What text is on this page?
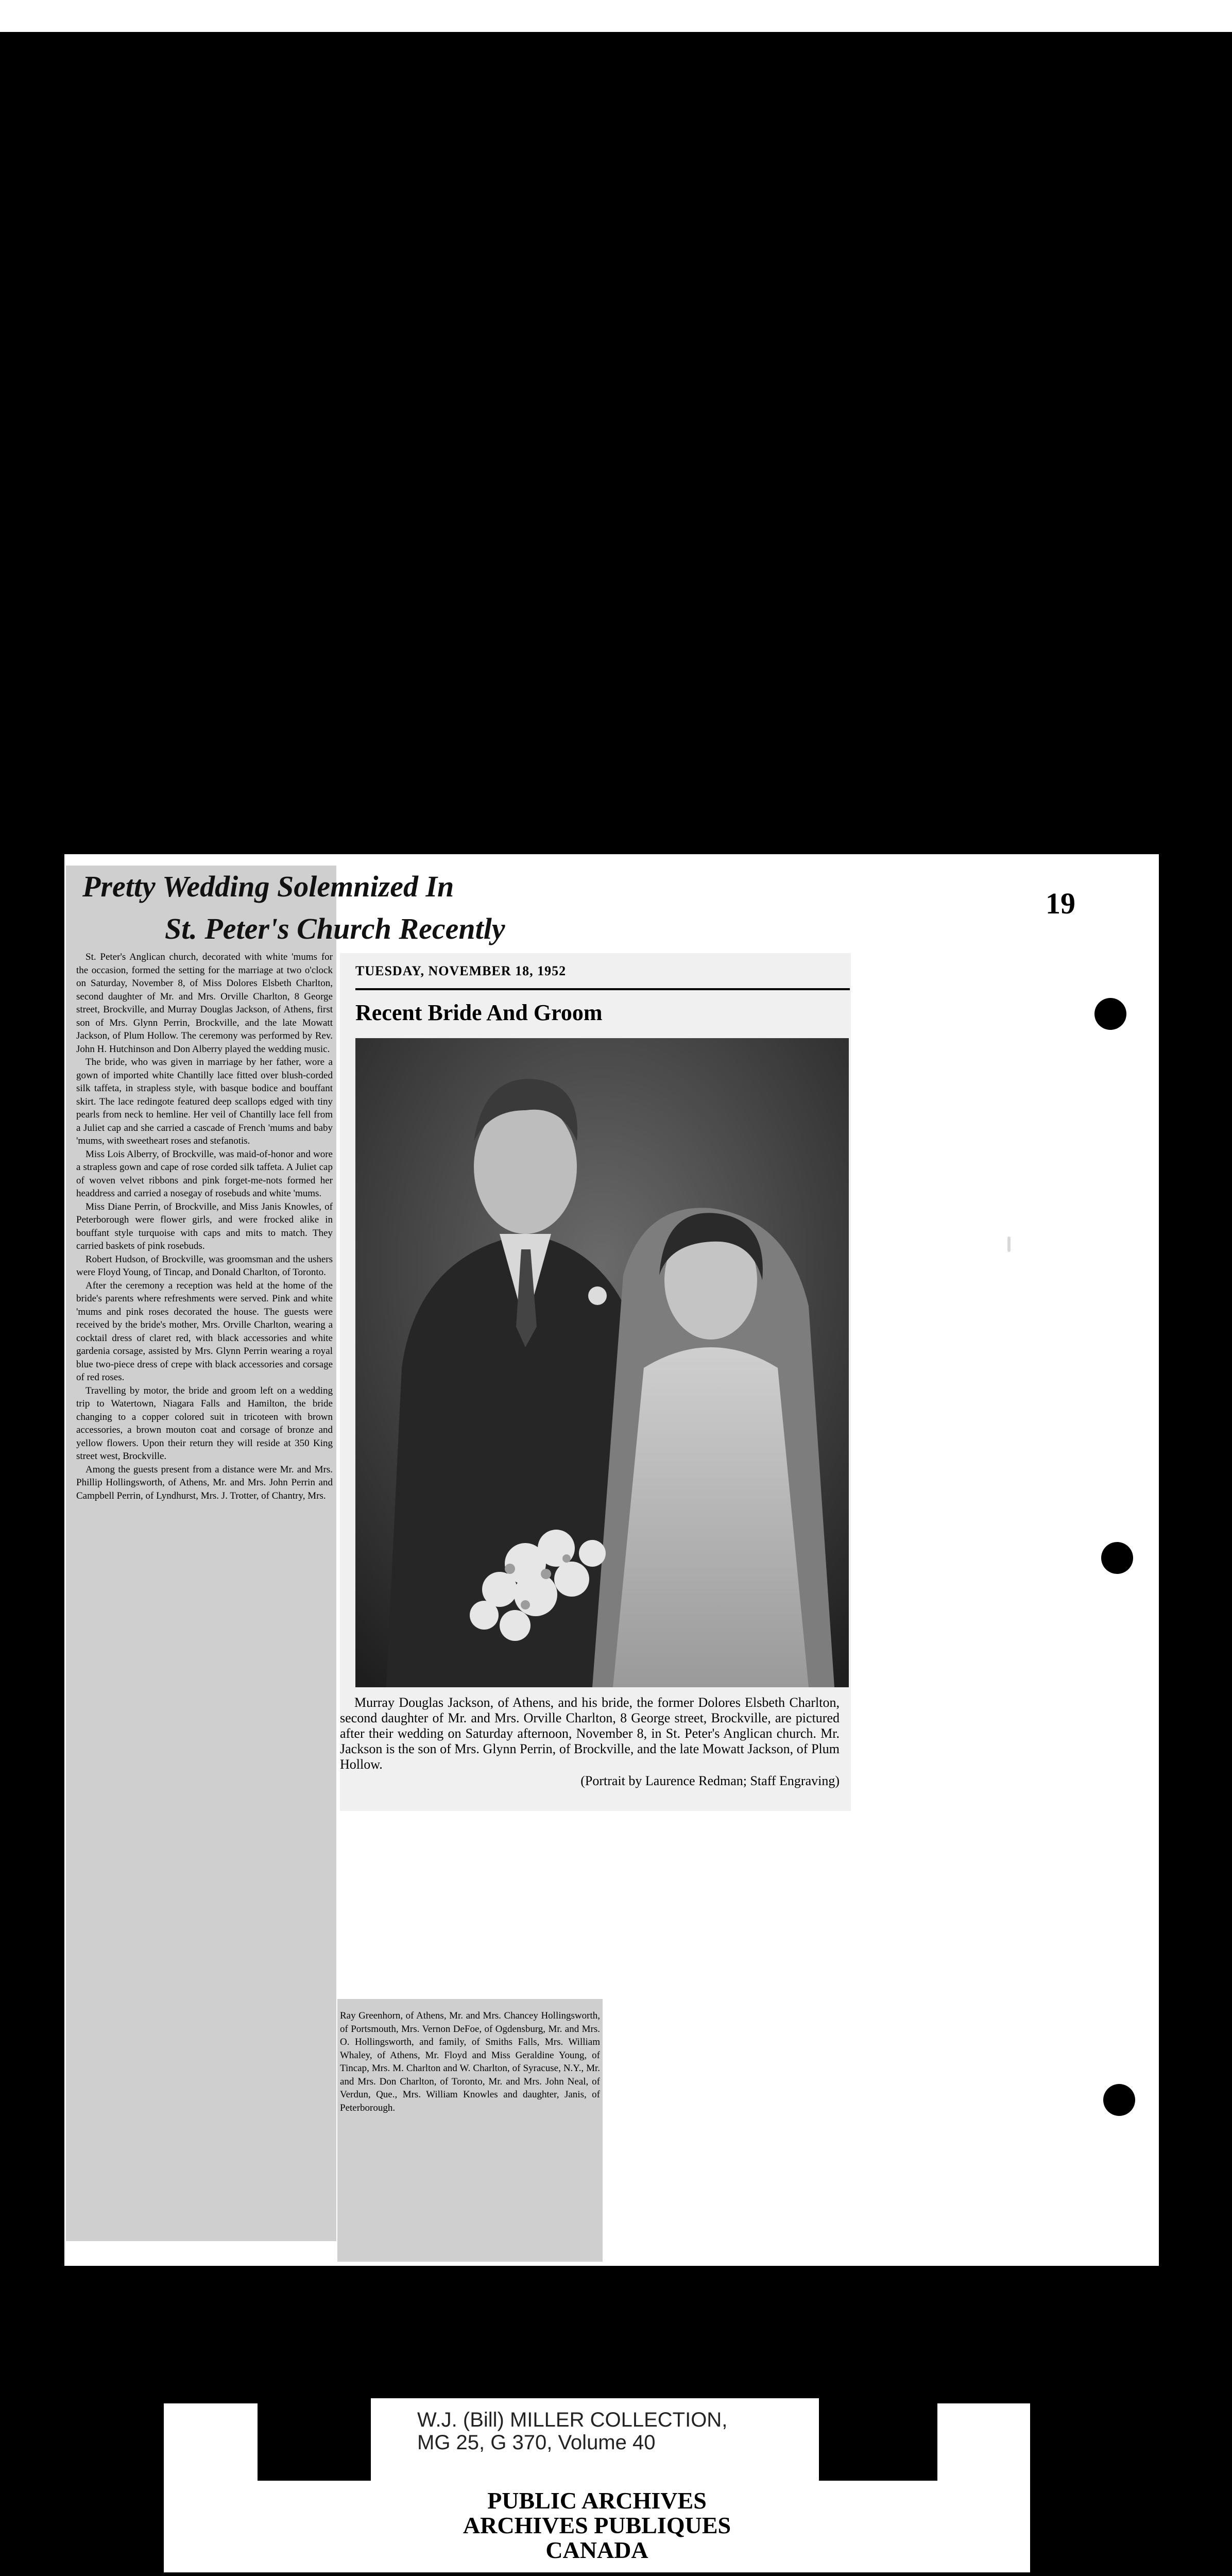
19
Pretty Wedding Solemnized In
St. Peter's Church Recently

St. Peter's Anglican church, decorated with white 'mums for the occasion, formed the setting for the marriage at two o'clock on Saturday, November 8, of Miss Dolores Elsbeth Charlton, second daughter of Mr. and Mrs. Orville Charlton, 8 George street, Brockville, and Murray Douglas Jackson, of Athens, first son of Mrs. Glynn Perrin, Brockville, and the late Mowatt Jackson, of Plum Hollow. The ceremony was performed by Rev. John H. Hutchinson and Don Alberry played the wedding music.

The bride, who was given in marriage by her father, wore a gown of imported white Chantilly lace fitted over blush-corded silk taffeta, in strapless style, with basque bodice and bouffant skirt. The lace redingote featured deep scallops edged with tiny pearls from neck to hemline. Her veil of Chantilly lace fell from a Juliet cap and she carried a cascade of French 'mums and baby 'mums, with sweetheart roses and stefanotis.

Miss Lois Alberry, of Brockville, was maid-of-honor and wore a strapless gown and cape of rose corded silk taffeta. A Juliet cap of woven velvet ribbons and pink forget-me-nots formed her headdress and carried a nosegay of rosebuds and white 'mums.

Miss Diane Perrin, of Brockville, and Miss Janis Knowles, of Peterborough were flower girls, and were frocked alike in bouffant style turquoise with caps and mits to match. They carried baskets of pink rosebuds.

Robert Hudson, of Brockville, was groomsman and the ushers were Floyd Young, of Tincap, and Donald Charlton, of Toronto.

After the ceremony a reception was held at the home of the bride's parents where refreshments were served. Pink and white 'mums and pink roses decorated the house. The guests were received by the bride's mother, Mrs. Orville Charlton, wearing a cocktail dress of claret red, with black accessories and white gardenia corsage, assisted by Mrs. Glynn Perrin wearing a royal blue two-piece dress of crepe with black accessories and corsage of red roses.

Travelling by motor, the bride and groom left on a wedding trip to Watertown, Niagara Falls and Hamilton, the bride changing to a copper colored suit in tricoteen with brown accessories, a brown mouton coat and corsage of bronze and yellow flowers. Upon their return they will reside at 350 King street west, Brockville.

Among the guests present from a distance were Mr. and Mrs. Phillip Hollingsworth, of Athens, Mr. and Mrs. John Perrin and Campbell Perrin, of Lyndhurst, Mrs. J. Trotter, of Chantry, Mrs.

Ray Greenhorn, of Athens, Mr. and Mrs. Chancey Hollingsworth, of Portsmouth, Mrs. Vernon DeFoe, of Ogdensburg, Mr. and Mrs. O. Hollingsworth, and family, of Smiths Falls, Mrs. William Whaley, of Athens, Mr. Floyd and Miss Geraldine Young, of Tincap, Mrs. M. Charlton and W. Charlton, of Syracuse, N.Y., Mr. and Mrs. Don Charlton, of Toronto, Mr. and Mrs. John Neal, of Verdun, Que., Mrs. William Knowles and daughter, Janis, of Peterborough.
TUESDAY, NOVEMBER 18, 1952
Recent Bride And Groom

Murray Douglas Jackson, of Athens, and his bride, the former Dolores Elsbeth Charlton, second daughter of Mr. and Mrs. Orville Charlton, 8 George street, Brockville, are pictured after their wedding on Saturday afternoon, November 8, in St. Peter's Anglican church. Mr. Jackson is the son of Mrs. Glynn Perrin, of Brockville, and the late Mowatt Jackson, of Plum Hollow.

(Portrait by Laurence Redman; Staff Engraving)
W.J. (Bill) MILLER COLLECTION,
MG 25, G 370, Volume 40
PUBLIC ARCHIVES
ARCHIVES PUBLIQUES
CANADA
